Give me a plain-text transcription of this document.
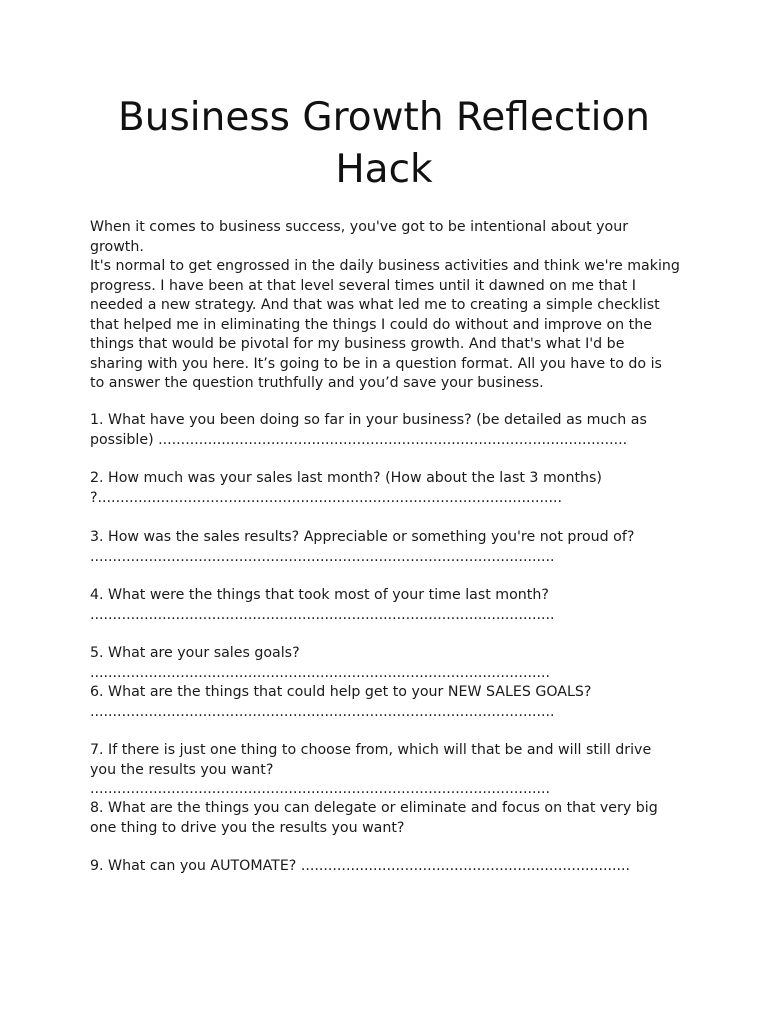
Business Growth Reflection Hack

When it comes to business success, you've got to be intentional about your growth.

It's normal to get engrossed in the daily business activities and think we're making progress. I have been at that level several times until it dawned on me that I needed a new strategy. And that was what led me to creating a simple checklist that helped me in eliminating the things I could do without and improve on the things that would be pivotal for my business growth. And that's what I'd be sharing with you here. It’s going to be in a question format. All you have to do is to answer the question truthfully and you’d save your business.

1. What have you been doing so far in your business? (be detailed as much as possible) ........................................................................................................

2. How much was your sales last month? (How about the last 3 months) ?.......................................................................................................

3. How was the sales results? Appreciable or something you're not proud of? .......................................................................................................

4. What were the things that took most of your time last month? .......................................................................................................

5. What are your sales goals? ......................................................................................................

6. What are the things that could help get to your NEW SALES GOALS? .......................................................................................................

7. If there is just one thing to choose from, which will that be and will still drive you the results you want? ......................................................................................................

8. What are the things you can delegate or eliminate and focus on that very big one thing to drive you the results you want?

9. What can you AUTOMATE? .........................................................................
